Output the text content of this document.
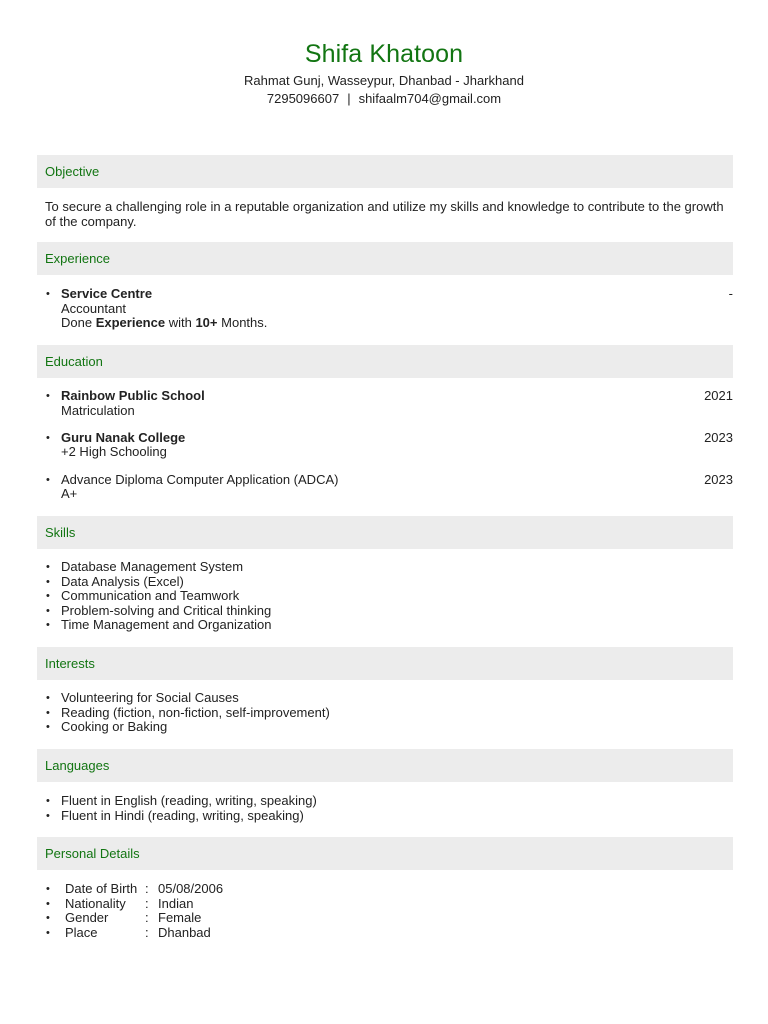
Shifa Khatoon
Rahmat Gunj, Wasseypur, Dhanbad - Jharkhand
7295096607 | shifaalm704@gmail.com
Objective

To secure a challenging role in a reputable organization and utilize my skills and knowledge to contribute to the growth of the company.

Experience
• Service Centre	-
Accountant
Done Experience with 10+ Months.
Education
• Rainbow Public School	2021
Matriculation
• Guru Nanak College	2023
+2 High Schooling
• Advance Diploma Computer Application (ADCA)	2023
A+
Skills
• Database Management System
• Data Analysis (Excel)
• Communication and Teamwork
• Problem-solving and Critical thinking
• Time Management and Organization
Interests
• Volunteering for Social Causes
• Reading (fiction, non-fiction, self-improvement)
• Cooking or Baking
Languages
• Fluent in English (reading, writing, speaking)
• Fluent in Hindi (reading, writing, speaking)
Personal Details
• Date of Birth : 05/08/2006
• Nationality	: Indian
• Gender	: Female
• Place	: Dhanbad
